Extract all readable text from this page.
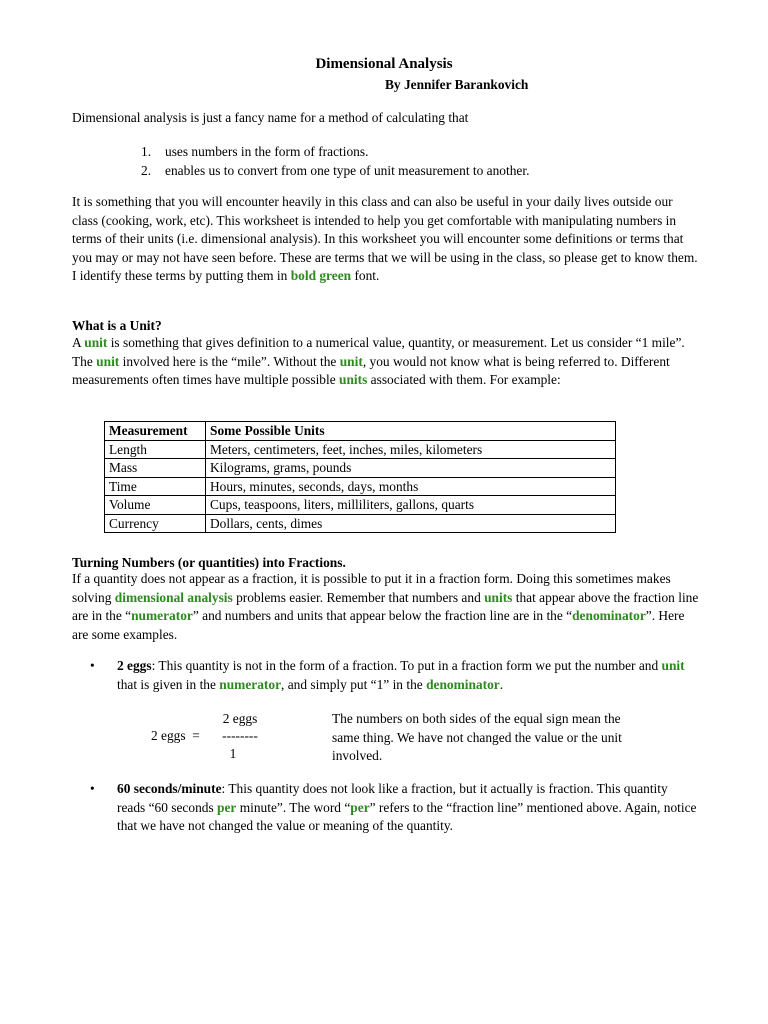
Dimensional Analysis
By Jennifer Barankovich
Dimensional analysis is just a fancy name for a method of calculating that
1. uses numbers in the form of fractions.
2. enables us to convert from one type of unit measurement to another.
It is something that you will encounter heavily in this class and can also be useful in your daily lives outside our class (cooking, work, etc). This worksheet is intended to help you get comfortable with manipulating numbers in terms of their units (i.e. dimensional analysis). In this worksheet you will encounter some definitions or terms that you may or may not have seen before. These are terms that we will be using in the class, so please get to know them. I identify these terms by putting them in bold green font.
What is a Unit?
A unit is something that gives definition to a numerical value, quantity, or measurement. Let us consider “1 mile”. The unit involved here is the “mile”. Without the unit, you would not know what is being referred to. Different measurements often times have multiple possible units associated with them. For example:
Measurement	Some Possible Units
Length	Meters, centimeters, feet, inches, miles, kilometers
Mass	Kilograms, grams, pounds
Time	Hours, minutes, seconds, days, months
Volume	Cups, teaspoons, liters, milliliters, gallons, quarts
Currency	Dollars, cents, dimes
Turning Numbers (or quantities) into Fractions.
If a quantity does not appear as a fraction, it is possible to put it in a fraction form. Doing this sometimes makes solving dimensional analysis problems easier. Remember that numbers and units that appear above the fraction line are in the “numerator” and numbers and units that appear below the fraction line are in the “denominator”. Here are some examples.
• 2 eggs: This quantity is not in the form of a fraction. To put in a fraction form we put the number and unit that is given in the numerator, and simply put “1” in the denominator.
2 eggs
2 eggs  =	--------
1
The numbers on both sides of the equal sign mean the same thing. We have not changed the value or the unit involved.
• 60 seconds/minute: This quantity does not look like a fraction, but it actually is fraction. This quantity reads “60 seconds per minute”. The word “per” refers to the “fraction line” mentioned above. Again, notice that we have not changed the value or meaning of the quantity.
